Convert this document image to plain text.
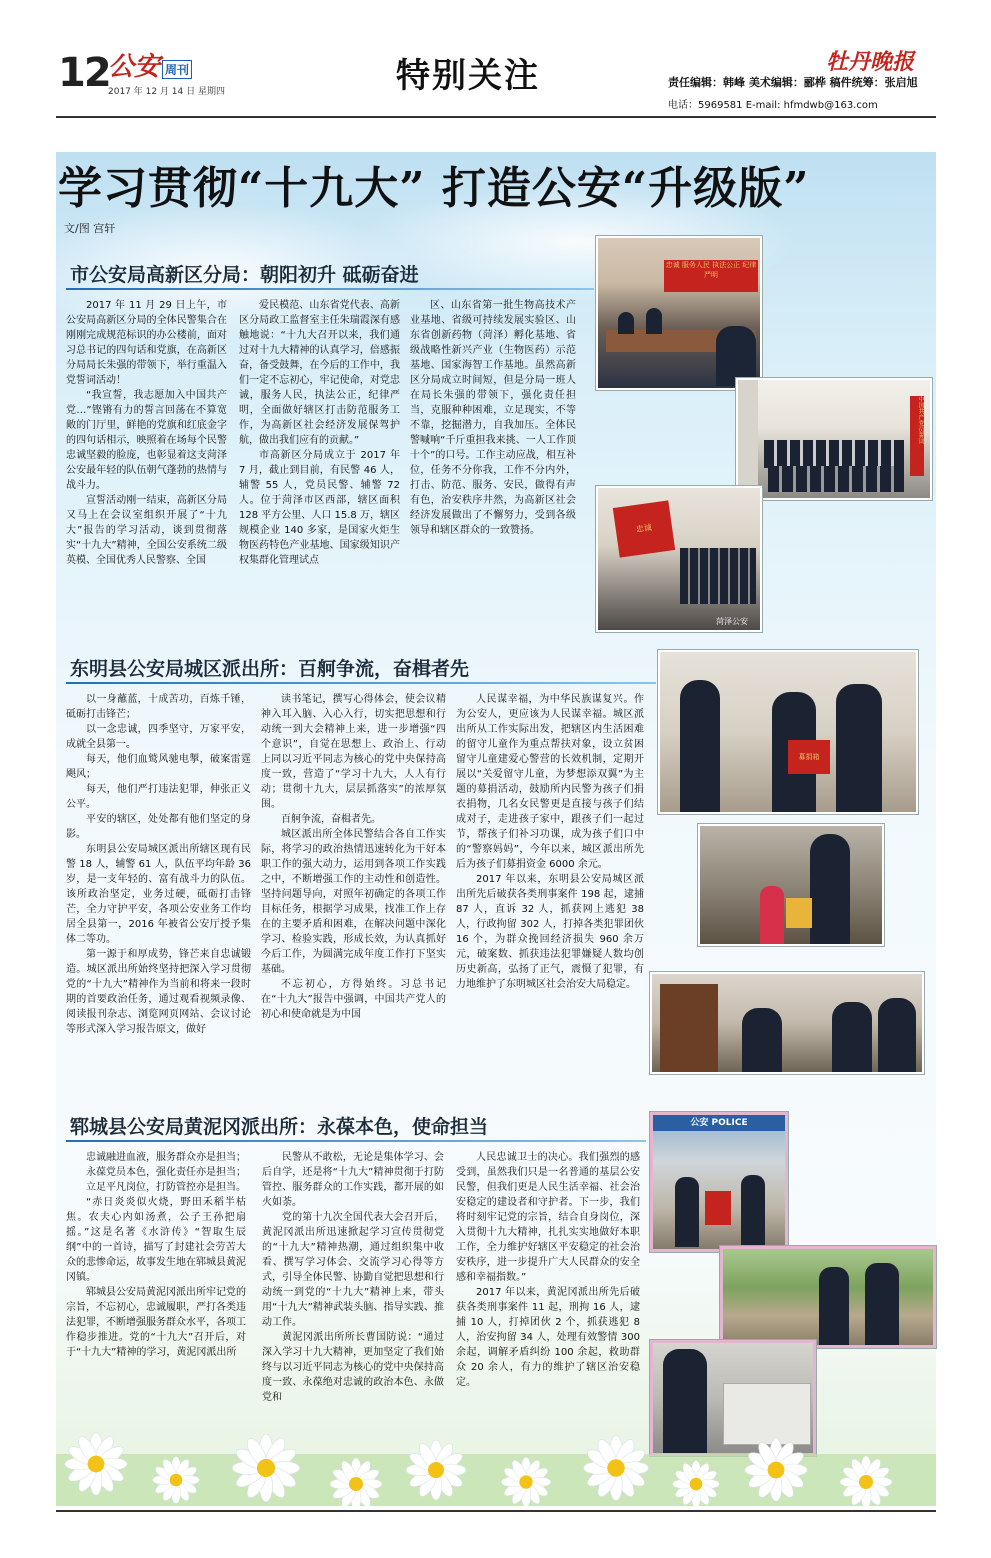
12
公安 周刊
2017 年 12 月 14 日 星期四	特别关注	牡丹晚报
责任编辑：韩峰 美术编辑：郦桦 稿件统筹：张启旭
电话：5969581 E-mail: hfmdwb@163.com
学习贯彻“十九大” 打造公安“升级版”
文/图 宫轩
市公安局高新区分局：朝阳初升 砥砺奋进

2017 年 11 月 29 日上午，市公安局高新区分局的全体民警集合在刚刚完成规范标识的办公楼前，面对习总书记的四句话和党旗，在高新区分局局长朱强的带领下，举行重温入党誓词活动！

“我宣誓，我志愿加入中国共产党…”铿锵有力的誓言回荡在不算宽敞的门厅里，鲜艳的党旗和红底金字的四句话相示，映照着在场每个民警忠诚坚毅的脸庞，也彰显着这支菏泽公安最年轻的队伍朝气蓬勃的热情与战斗力。

宣誓活动刚一结束，高新区分局又马上在会议室组织开展了“十九大”报告的学习活动，谈到贯彻落实“十九大”精神，全国公安系统二级英模、全国优秀人民警察、全国

爱民模范、山东省党代表、高新区分局政工监督室主任朱瑞霞深有感触地说：“十九大召开以来，我们通过对十九大精神的认真学习，倍感振奋，备受鼓舞，在今后的工作中，我们一定不忘初心，牢记使命，对党忠诚，服务人民，执法公正，纪律严明，全面做好辖区打击防范服务工作，为高新区社会经济发展保驾护航，做出我们应有的贡献。”

市高新区分局成立于 2017 年 7 月，截止到目前，有民警 46 人，辅警 55 人，党员民警、辅警 72 人。位于菏泽市区西部，辖区面积 128 平方公里、人口 15.8 万，辖区规模企业 140 多家，是国家火炬生物医药特色产业基地、国家级知识产权集群化管理试点

区、山东省第一批生物高技术产业基地、省级可持续发展实验区、山东省创新药物（菏泽）孵化基地、省级战略性新兴产业（生物医药）示范基地、国家海智工作基地。虽然高新区分局成立时间短，但是分局一班人在局长朱强的带领下，强化责任担当，克服种种困难，立足现实，不等不靠，挖掘潜力，自我加压。全体民警喊响“千斤重担我来挑、一人工作顶十个”的口号。工作主动应战，相互补位，任务不分你我，工作不分内外，打击、防范、服务、安民，做得有声有色，治安秩序井然，为高新区社会经济发展做出了不懈努力，受到各级领导和辖区群众的一致赞扬。

忠诚 服务人民 执法公正 纪律严明
中国共产党员誓词
忠诚
菏泽公安
东明县公安局城区派出所：百舸争流，奋楫者先

以一身蘸蓝，十成苦功，百炼千锤，砥砺打击锋芒；

以一念忠诚，四季坚守，万家平安，成就全县第一。

每天，他们血鹫风驰电掣，破案雷霆飓风；

每天，他们严打违法犯罪，伸张正义公平。

平安的辖区，处处都有他们坚定的身影。

东明县公安局城区派出所辖区现有民警 18 人，辅警 61 人，队伍平均年龄 36 岁，是一支年轻的、富有战斗力的队伍。该所政治坚定，业务过硬，砥砺打击锋芒，全力守护平安，各项公安业务工作均居全县第一，2016 年被省公安厅授予集体二等功。

第一源于和厚成势，锋芒来自忠诚锻造。城区派出所始终坚持把深入学习贯彻党的“十九大”精神作为当前和将来一段时期的首要政治任务，通过观看视频录像、阅读报刊杂志、浏览网页网站、会议讨论等形式深入学习报告原文，做好

读书笔记，撰写心得体会，使会议精神入耳入脑、入心入行，切实把思想和行动统一到大会精神上来，进一步增强“四个意识”，自觉在思想上、政治上、行动上同以习近平同志为核心的党中央保持高度一致，营造了“学习十九大，人人有行动；贯彻十九大，层层抓落实”的浓厚氛围。

百舸争流，奋楫者先。

城区派出所全体民警结合各自工作实际，将学习的政治热情迅速转化为干好本职工作的强大动力，运用到各项工作实践之中，不断增强工作的主动性和创造性。坚持问题导向，对照年初确定的各项工作目标任务，根据学习成果，找准工作上存在的主要矛盾和困难，在解决问题中深化学习、检验实践，形成长效，为认真抓好今后工作，为圆满完成年度工作打下坚实基础。

不忘初心，方得始终。习总书记在“十九大”报告中强调，中国共产党人的初心和使命就是为中国

人民谋幸福，为中华民族谋复兴。作为公安人，更应该为人民谋幸福。城区派出所从工作实际出发，把辖区内生活困难的留守儿童作为重点帮扶对象，设立贫困留守儿童建爱心警营的长效机制，定期开展以“关爱留守儿童，为梦想添双翼”为主题的募捐活动，鼓励所内民警为孩子们捐衣捐物，几名女民警更是直接与孩子们结成对子，走进孩子家中，跟孩子们一起过节，帮孩子们补习功课，成为孩子们口中的“警察妈妈”，今年以来，城区派出所先后为孩子们募捐资金 6000 余元。

2017 年以来，东明县公安局城区派出所先后破获各类刑事案件 198 起，逮捕 87 人，直诉 32 人，抓获网上逃犯 38 人，行政拘留 302 人，打掉各类犯罪团伙 16 个，为群众挽回经济损失 960 余万元，破案数、抓获违法犯罪嫌疑人数均创历史新高，弘扬了正气，震慑了犯罪，有力地维护了东明城区社会治安大局稳定。

募捐箱
郓城县公安局黄泥冈派出所：永葆本色，使命担当

忠诚融进血液，服务群众亦是担当；

永葆党员本色，强化责任亦是担当；

立足平凡岗位，打防管控亦是担当。

“赤日炎炎似火烧，野田禾稻半枯焦。农夫心内如汤煮，公子王孙把扇摇。”这是名著《水浒传》“智取生辰纲”中的一首诗，描写了封建社会劳苦大众的悲惨命运，故事发生地在郓城县黄泥冈镇。

郓城县公安局黄泥冈派出所牢记党的宗旨，不忘初心，忠诚履职，严打各类违法犯罪，不断增强服务群众水平，各项工作稳步推进。党的“十九大”召开后，对于“十九大”精神的学习，黄泥冈派出所

民警从不敢松，无论是集体学习、会后自学，还是将“十九大”精神贯彻于打防管控、服务群众的工作实践，都开展的如火如荼。

党的第十九次全国代表大会召开后，黄泥冈派出所迅速掀起学习宣传贯彻党的“十九大”精神热潮，通过组织集中收看、撰写学习体会、交流学习心得等方式，引导全体民警、协勤自觉把思想和行动统一到党的“十九大”精神上来，带头用“十九大”精神武装头脑、指导实践、推动工作。

黄泥冈派出所所长曹国防说：“通过深入学习十九大精神，更加坚定了我们始终与以习近平同志为核心的党中央保持高度一致、永葆绝对忠诚的政治本色、永做党和

人民忠诚卫士的决心。我们强烈的感受到，虽然我们只是一名普通的基层公安民警，但我们更是人民生活幸福、社会治安稳定的建设者和守护者。下一步，我们将时刻牢记党的宗旨，结合自身岗位，深入贯彻十九大精神，扎扎实实地做好本职工作，全力维护好辖区平安稳定的社会治安秩序，进一步提升广大人民群众的安全感和幸福指数。”

2017 年以来，黄泥冈派出所先后破获各类刑事案件 11 起，刑拘 16 人，逮捕 10 人，打掉团伙 2 个，抓获逃犯 8 人，治安拘留 34 人，处理有效警情 300 余起，调解矛盾纠纷 100 余起，救助群众 20 余人，有力的维护了辖区治安稳定。

公安 POLICE
